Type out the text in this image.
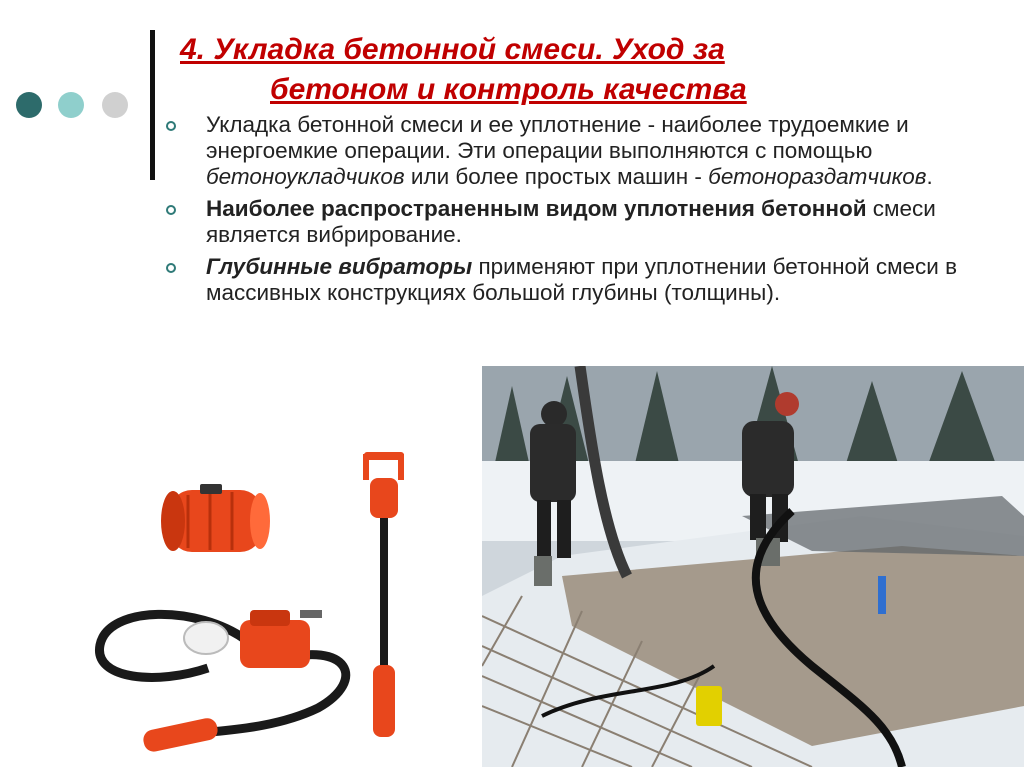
4. Укладка бетонной смеси. Уход за
бетоном и контроль качества
Укладка бетонной смеси и ее уплотнение - наиболее трудоемкие и энергоемкие операции. Эти операции выполняются с помощью бетоноукладчиков или более простых машин - бетонораздатчиков.
Наиболее распространенным видом уплотнения бетонной смеси является вибрирование.
Глубинные вибраторы применяют при уплотнении бетонной смеси в массивных конструкциях большой глубины (толщины).
